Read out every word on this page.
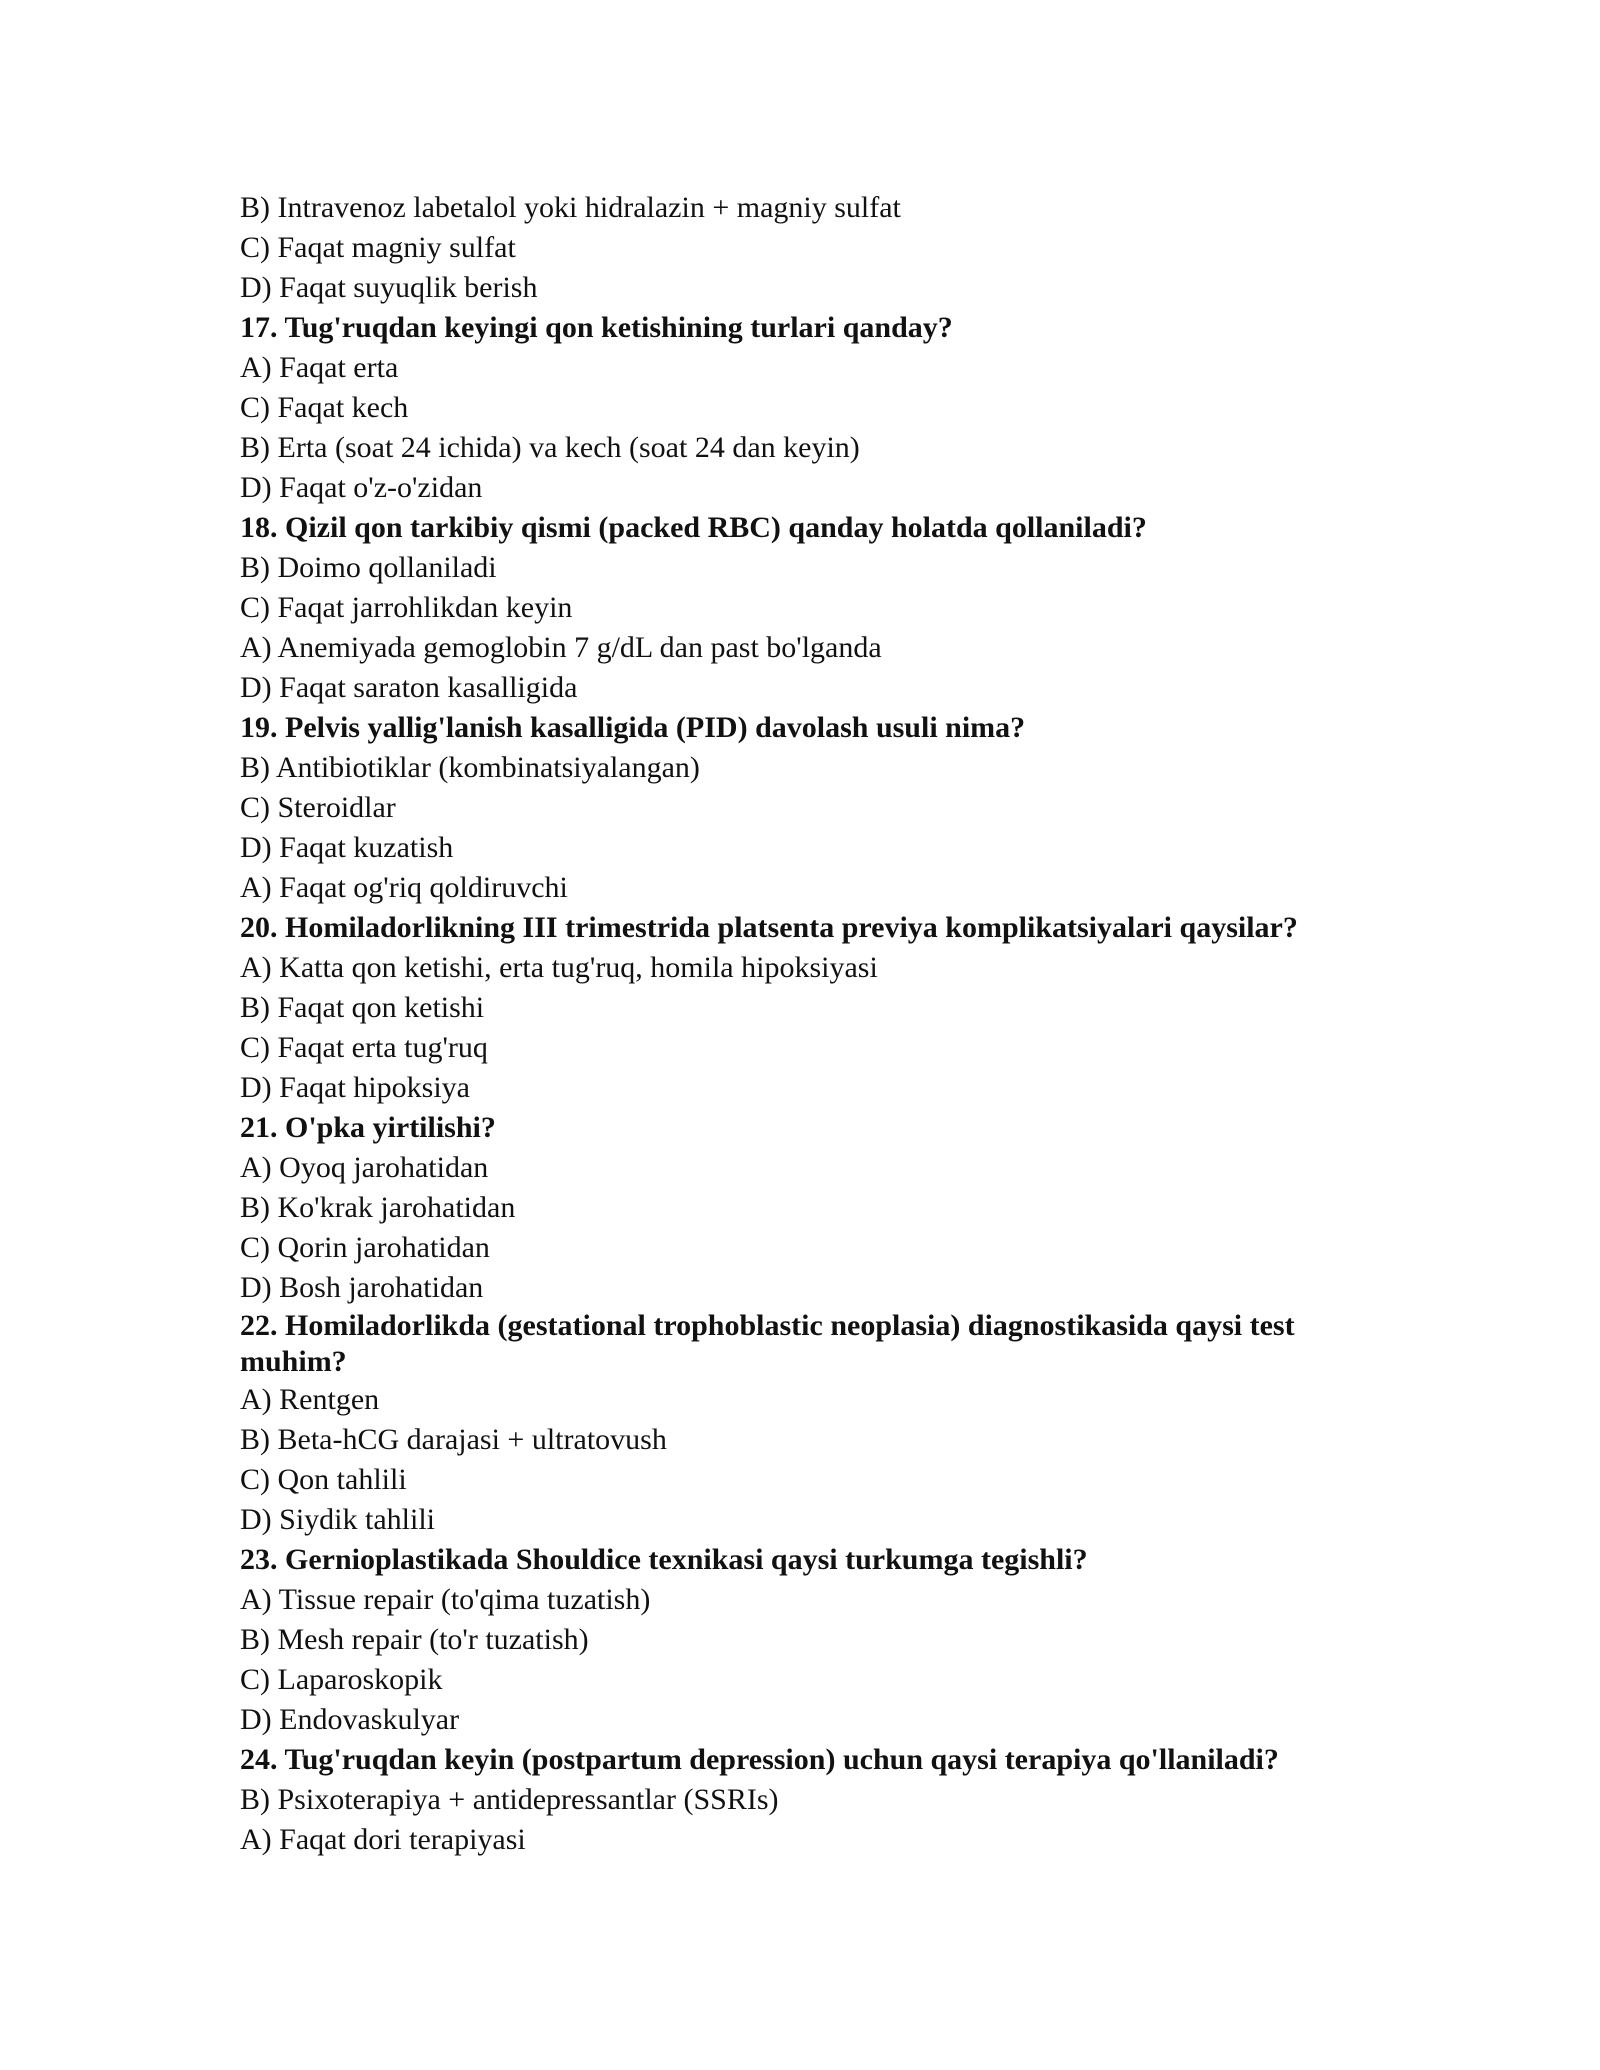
B) Intravenoz labetalol yoki hidralazin + magniy sulfat
C) Faqat magniy sulfat
D) Faqat suyuqlik berish
17. Tug'ruqdan keyingi qon ketishining turlari qanday?
A) Faqat erta
C) Faqat kech
B) Erta (soat 24 ichida) va kech (soat 24 dan keyin)
D) Faqat o'z-o'zidan
18. Qizil qon tarkibiy qismi (packed RBC) qanday holatda qollaniladi?
B) Doimo qollaniladi
C) Faqat jarrohlikdan keyin
A) Anemiyada gemoglobin 7 g/dL dan past bo'lganda
D) Faqat saraton kasalligida
19. Pelvis yallig'lanish kasalligida (PID) davolash usuli nima?
B) Antibiotiklar (kombinatsiyalangan)
C) Steroidlar
D) Faqat kuzatish
A) Faqat og'riq qoldiruvchi
20. Homiladorlikning III trimestrida platsenta previya komplikatsiyalari qaysilar?
A) Katta qon ketishi, erta tug'ruq, homila hipoksiyasi
B) Faqat qon ketishi
C) Faqat erta tug'ruq
D) Faqat hipoksiya
21. O'pka yirtilishi?
A) Oyoq jarohatidan
B) Ko'krak jarohatidan
C) Qorin jarohatidan
D) Bosh jarohatidan
22. Homiladorlikda (gestational trophoblastic neoplasia) diagnostikasida qaysi test muhim?
A) Rentgen
B) Beta-hCG darajasi + ultratovush
C) Qon tahlili
D) Siydik tahlili
23. Gernioplastikada Shouldice texnikasi qaysi turkumga tegishli?
A) Tissue repair (to'qima tuzatish)
B) Mesh repair (to'r tuzatish)
C) Laparoskopik
D) Endovaskulyar
24. Tug'ruqdan keyin (postpartum depression) uchun qaysi terapiya qo'llaniladi?
B) Psixoterapiya + antidepressantlar (SSRIs)
A) Faqat dori terapiyasi
